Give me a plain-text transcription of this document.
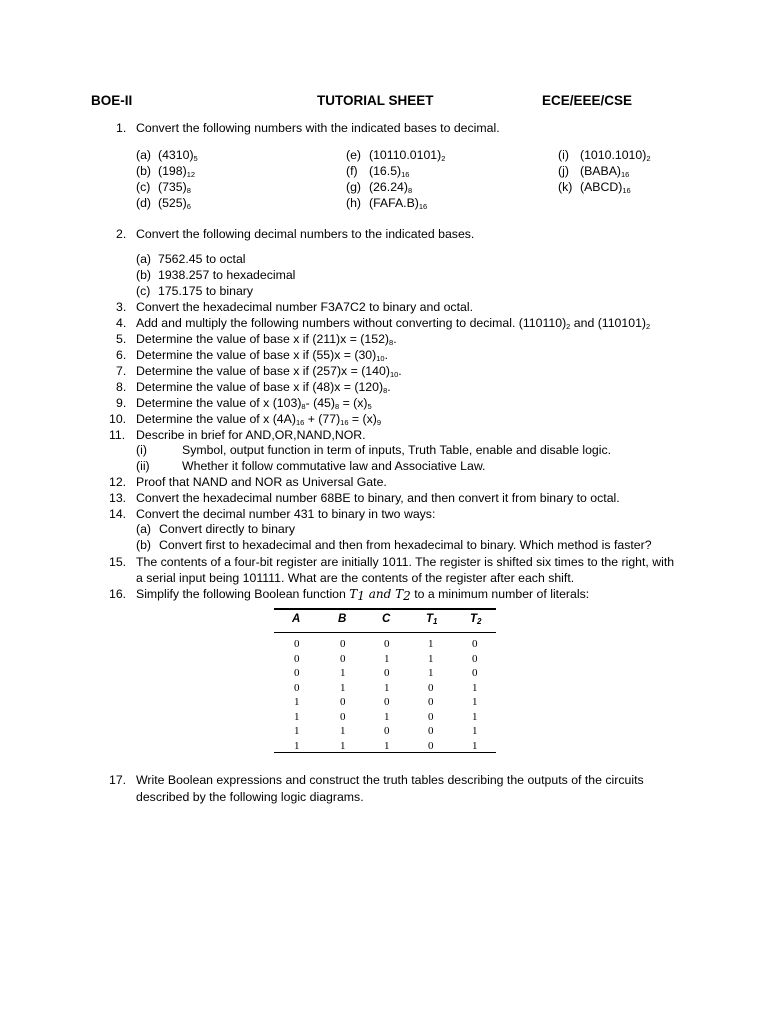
BOE-II	TUTORIAL SHEET	ECE/EEE/CSE
1. Convert the following numbers with the indicated bases to decimal.
(a) $(4310)_5$
(b) $(198)_{12}$
(c) $(735)_8$
(d) $(525)_6$
(e) $(10110.0101)_2$
(f) $(16.5)_{16}$
(g) $(26.24)_8$
(h) $(FAFA.B)_{16}$
(i) $(1010.1010)_2$
(j) $(BABA)_{16}$
(k) $(ABCD)_{16}$
2. Convert the following decimal numbers to the indicated bases.
(a) 7562.45 to octal
(b) 1938.257 to hexadecimal
(c) 175.175 to binary
3. Convert the hexadecimal number F3A7C2 to binary and octal.
4. Add and multiply the following numbers without converting to decimal. $(110110)_2$ and $(110101)_2$
5. Determine the value of base x if $(211)x = (152)_8$.
6. Determine the value of base x if $(55)x = (30)_{10}$.
7. Determine the value of base x if $(257)x = (140)_{10}$.
8. Determine the value of base x if $(48)x = (120)_8$.
9. Determine the value of x $(103)_8-$ $(45)_8 = (x)_5$
10. Determine the value of x $(4A)_{16} + (77)_{16} = (x)_9$
11. Describe in brief for AND,OR,NAND,NOR.
(i)	Symbol, output function in term of inputs, Truth Table, enable and disable logic.
(ii)	Whether it follow commutative law and Associative Law.
12. Proof that NAND and NOR as Universal Gate.
13. Convert the hexadecimal number 68BE to binary, and then convert it from binary to octal.
14. Convert the decimal number 431 to binary in two ways:
(a) Convert directly to binary
(b) Convert first to hexadecimal and then from hexadecimal to binary. Which method is faster?
15. The contents of a four-bit register are initially 1011. The register is shifted six times to the right, with
a serial input being 101111. What are the contents of the register after each shift.
16. Simplify the following Boolean function $T_1$ and $T_2$ to a minimum number of literals:
A	B	C	$T_1$	$T_2$
0	0	0	1	0
0	0	1	1	0
0	1	0	1	0
0	1	1	0	1
1	0	0	0	1
1	0	1	0	1
1	1	0	0	1
1	1	1	0	1
17. Write Boolean expressions and construct the truth tables describing the outputs of the circuits
described by the following logic diagrams.
